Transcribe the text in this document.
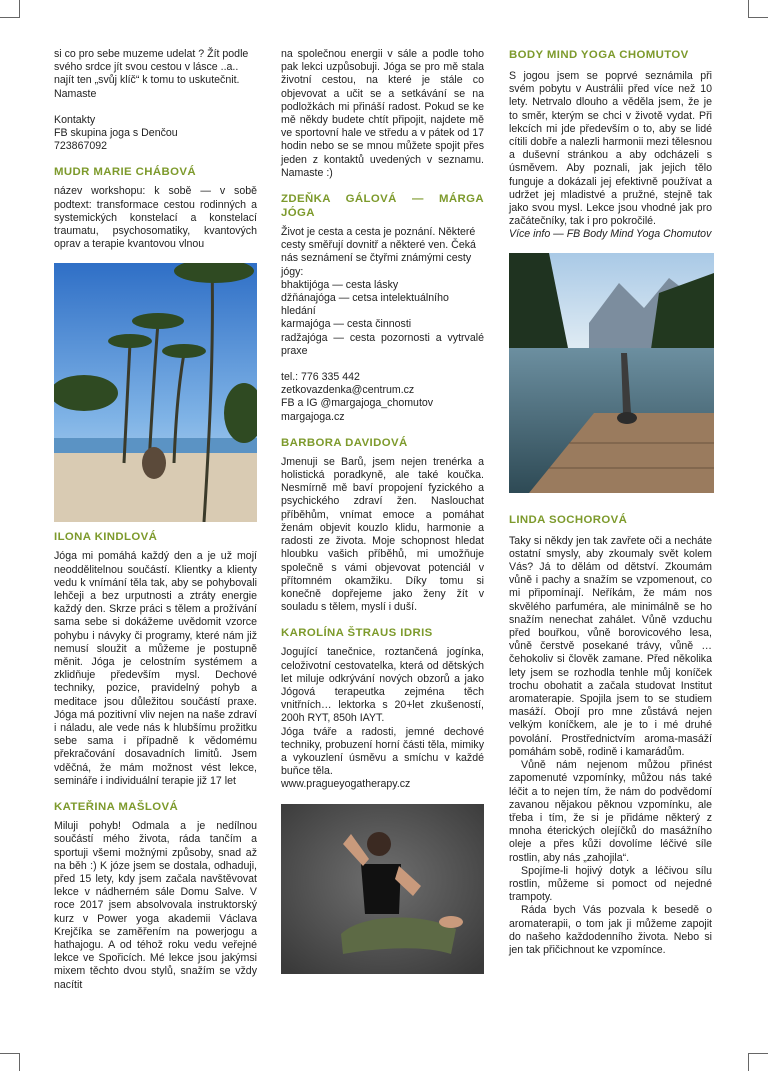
si co pro sebe muzeme udelat ? Žít podle svého srdce jít svou cestou v lásce ..a.. najít ten „svůj klíč“ k tomu to uskutečnit. Namaste

Kontakty

FB skupina joga s Denčou

723867092

MUDR MARIE CHÁBOVÁ

název workshopu: k sobě — v sobě podtext: transformace cestou rodinných a systemických konstelací a konstelací traumatu, psychosomatiky, kvantových oprav a terapie kvantovou vlnou

ILONA KINDLOVÁ

Jóga mi pomáhá každý den a je už mojí neoddělitelnou součástí. Klientky a klienty vedu k vnímání těla tak, aby se pohybovali lehčeji a bez urputnosti a ztráty energie každý den. Skrze práci s tělem a prožívání sama sebe si dokážeme uvědomit vzorce pohybu i návyky či programy, které nám již nemusí sloužit a můžeme je postupně měnit. Jóga je celostním systémem a zklidňuje především mysl. Dechové techniky, pozice, pravidelný pohyb a meditace jsou důležitou součástí praxe. Jóga má pozitivní vliv nejen na naše zdraví i náladu, ale vede nás k hlubšímu prožitku sebe sama i případně k vědomému překračování dosavadních limitů. Jsem vděčná, že mám možnost vést lekce, semináře i individuální terapie již 17 let

KATEŘINA MAŠLOVÁ

Miluji pohyb! Odmala a je nedílnou součástí mého života, ráda tančím a sportuji všemi možnými způsoby, snad až na běh :) K józe jsem se dostala, odhaduji, před 15 lety, kdy jsem začala navštěvovat lekce v nádherném sále Domu Salve. V roce 2017 jsem absolvovala instruktorský kurz v Power yoga akademii Václava Krejčíka se zaměřením na powerjogu a hathajogu. A od téhož roku vedu veřejné lekce ve Spořicích. Mé lekce jsou jakýmsi mixem těchto dvou stylů, snažím se vždy nacítit

na společnou energii v sále a podle toho pak lekci uzpůsobuji. Jóga se pro mě stala životní cestou, na které je stále co objevovat a učit se a setkávání se na podložkách mi přináší radost. Pokud se ke mě někdy budete chtít připojit, najdete mě ve sportovní hale ve středu a v pátek od 17 hodin nebo se se mnou můžete spojit přes jeden z kontaktů uvedených v seznamu. Namaste :)

ZDEŇKA GÁLOVÁ — MÁRGA JÓGA

Život je cesta a cesta je poznání. Některé cesty směřují dovnitř a některé ven. Čeká nás seznámení se čtyřmi známými cesty jógy:

bhaktijóga — cesta lásky

džňánajóga — cetsa intelektuálního hledání

karmajóga — cesta činnosti

radžajóga — cesta pozornosti a vytrvalé praxe

tel.: 776 335 442

zetkovazdenka@centrum.cz

FB a IG @margajoga_chomutov

margajoga.cz

BARBORA DAVIDOVÁ

Jmenuji se Barů, jsem nejen trenérka a holistická poradkyně, ale také koučka. Nesmírně mě baví propojení fyzického a psychického zdraví žen. Naslouchat příběhům, vnímat emoce a pomáhat ženám objevit kouzlo klidu, harmonie a radosti ze života. Moje schopnost hledat hloubku vašich příběhů, mi umožňuje společně s vámi objevovat potenciál v přítomném okamžiku. Díky tomu si konečně dopřejeme jako ženy žít v souladu s tělem, myslí i duší.

KAROLÍNA ŠTRAUS IDRIS

Jogující tanečnice, roztančená jogínka, celoživotní cestovatelka, která od dětských let miluje odkrývání nových obzorů a jako Jógová terapeutka zejména těch vnitřních… lektorka s 20+let zkušeností, 200h RYT, 850h IAYT.

Jóga tváře a radosti, jemné dechové techniky, probuzení horní části těla, mimiky a vykouzlení úsměvu a smíchu v každé buňce těla.

www.pragueyogatherapy.cz

BODY MIND YOGA CHOMUTOV

S jogou jsem se poprvé seznámila při svém pobytu v Austrálii před více než 10 lety. Netrvalo dlouho a věděla jsem, že je to směr, kterým se chci v životě vydat. Při lekcích mi jde především o to, aby se lidé cítili dobře a nalezli harmonii mezi tělesnou a duševní stránkou a aby odcházeli s úsměvem. Aby poznali, jak jejich tělo funguje a dokázali jej efektivně používat a udržet jej mladistvé a pružné, stejně tak jako svou mysl. Lekce jsou vhodné jak pro začátečníky, tak i pro pokročilé.

Více info — FB Body Mind Yoga Chomutov

LINDA SOCHOROVÁ

Taky si někdy jen tak zavřete oči a necháte ostatní smysly, aby zkoumaly svět kolem Vás? Já to dělám od dětství. Zkoumám vůně i pachy a snažím se vzpomenout, co mi připomínají. Neříkám, že mám nos skvělého parfuméra, ale minimálně se ho snažím nenechat zahálet. Vůně vzduchu před bouřkou, vůně borovicového lesa, vůně čerstvě posekané trávy, vůně … čehokoliv si člověk zamane. Před několika lety jsem se rozhodla tenhle můj koníček trochu obohatit a začala studovat Institut aromaterapie. Spojila jsem to se studiem masáží. Obojí pro mne zůstává nejen velkým koníčkem, ale je to i mé druhé povolání. Prostřednictvím aroma-masáží pomáhám sobě, rodině i kamarádům.

Vůně nám nejenom můžou přinést zapomenuté vzpomínky, můžou nás také léčit a to nejen tím, že nám do podvědomí zavanou nějakou pěknou vzpomínku, ale třeba i tím, že si je přidáme některý z mnoha éterických olejíčků do masážního oleje a přes kůži dovolíme léčivé síle rostlin, aby nás „zahojila“.

Spojíme-li hojivý dotyk a léčivou sílu rostlin, můžeme si pomoct od nejedné trampoty.

Rádа bych Vás pozvala k besedě o aromaterapii, o tom jak ji můžeme zapojit do našeho každodenního života. Nebo si jen tak přičichnout ke vzpomínce.
